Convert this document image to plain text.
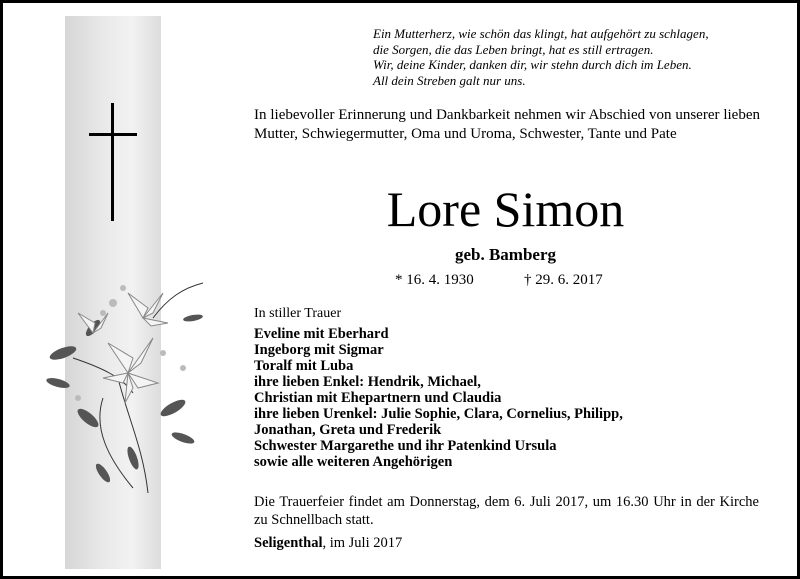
Ein Mutterherz, wie schön das klingt, hat aufgehört zu schlagen,
die Sorgen, die das Leben bringt, hat es still ertragen.
Wir, deine Kinder, danken dir, wir stehn durch dich im Leben.
All dein Streben galt nur uns.
In liebevoller Erinnerung und Dankbarkeit nehmen wir Abschied von unserer lieben Mutter, Schwiegermutter, Oma und Uroma, Schwester, Tante und Pate
Lore Simon
geb. Bamberg
* 16. 4. 1930	† 29. 6. 2017
In stiller Trauer
Eveline mit Eberhard
Ingeborg mit Sigmar
Toralf mit Luba
ihre lieben Enkel: Hendrik, Michael,
Christian mit Ehepartnern und Claudia
ihre lieben Urenkel: Julie Sophie, Clara, Cornelius, Philipp,
Jonathan, Greta und Frederik
Schwester Margarethe und ihr Patenkind Ursula
sowie alle weiteren Angehörigen
Die Trauerfeier findet am Donnerstag, dem 6. Juli 2017, um 16.30 Uhr in der Kirche zu Schnellbach statt.
Seligenthal, im Juli 2017
